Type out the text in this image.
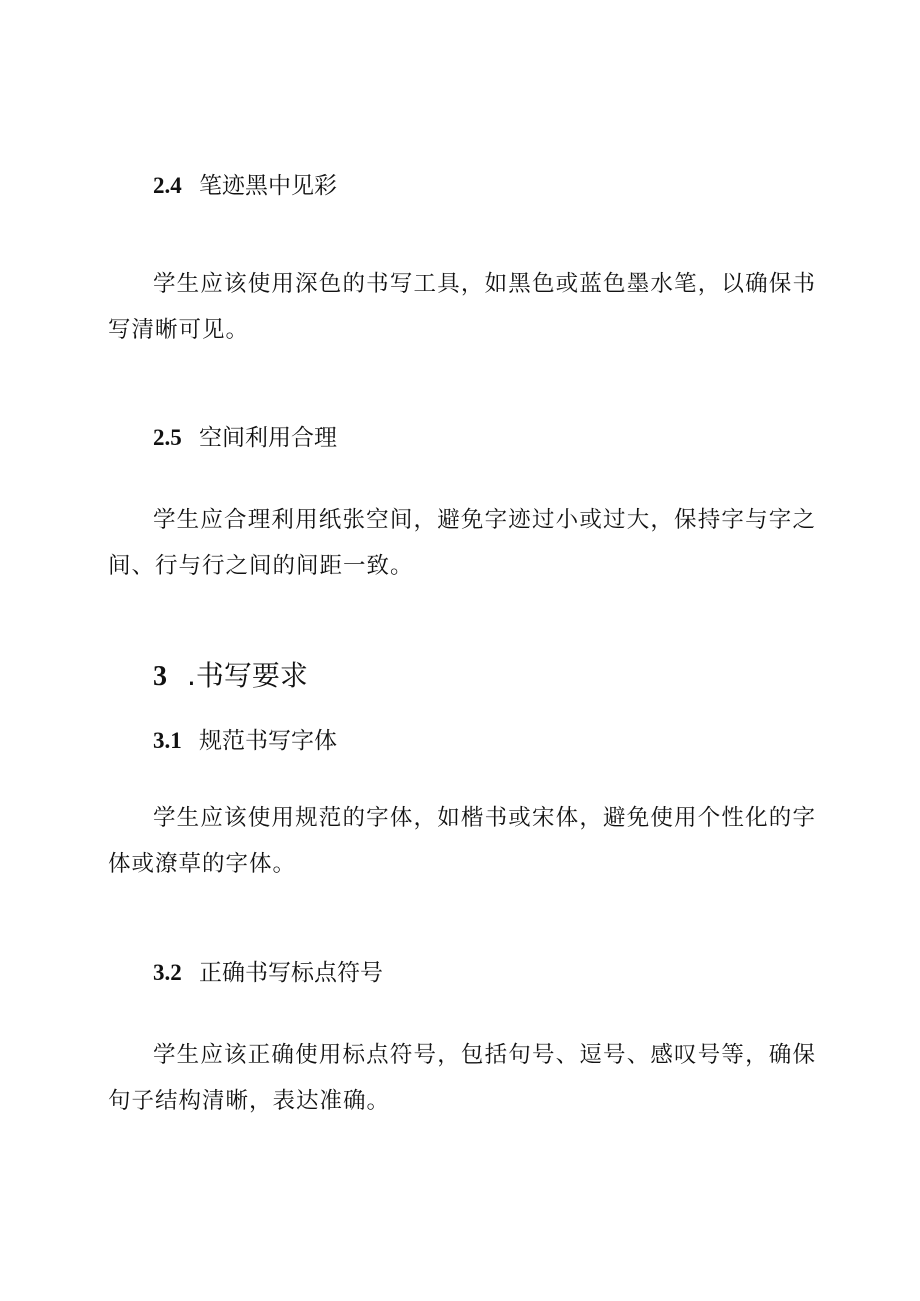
2.4 笔迹黑中见彩

学生应该使用深色的书写工具，如黑色或蓝色墨水笔，以确保书写清晰可见。

2.5 空间利用合理

学生应合理利用纸张空间，避免字迹过小或过大，保持字与字之间、行与行之间的间距一致。

3 .书写要求
3.1 规范书写字体

学生应该使用规范的字体，如楷书或宋体，避免使用个性化的字体或潦草的字体。

3.2 正确书写标点符号

学生应该正确使用标点符号，包括句号、逗号、感叹号等，确保句子结构清晰，表达准确。
